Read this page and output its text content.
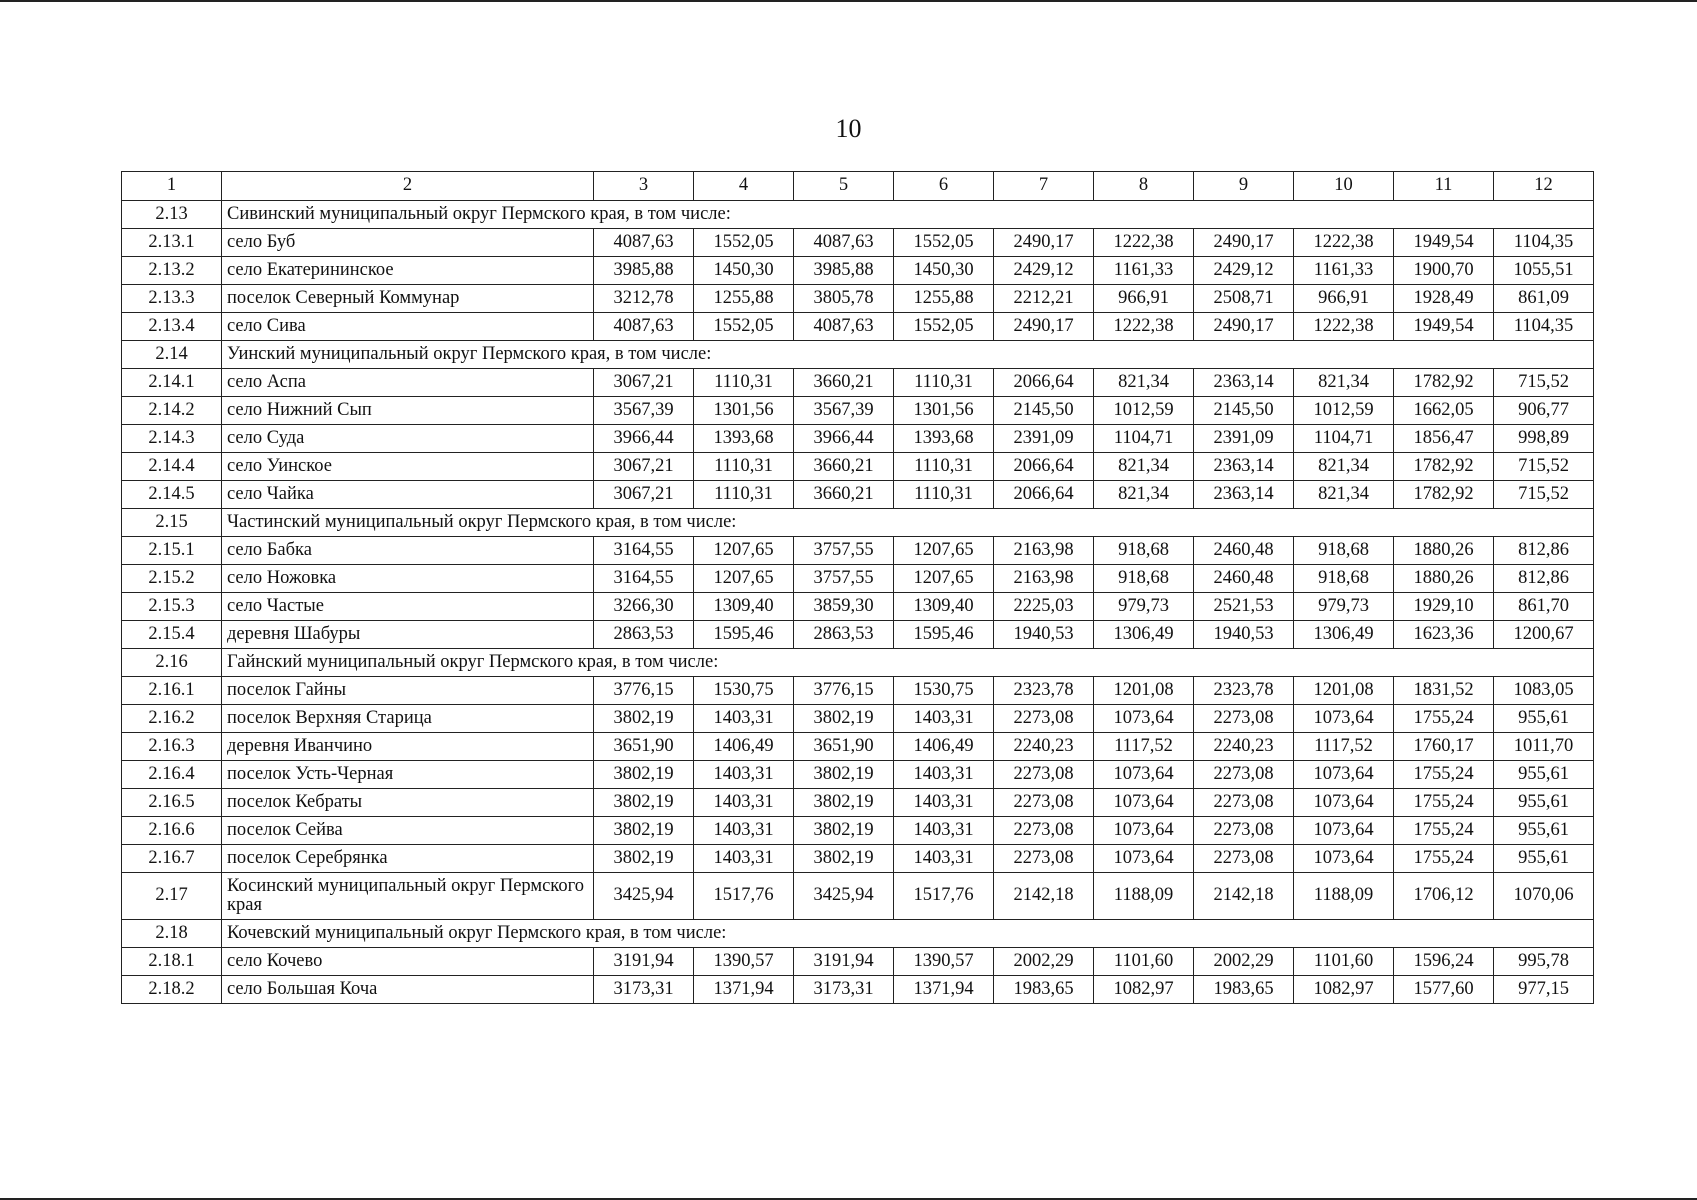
10
1	2	3	4	5	6	7	8	9	10	11	12
2.13	Сивинский муниципальный округ Пермского края, в том числе:										
2.13.1	село Буб	4087,63	1552,05	4087,63	1552,05	2490,17	1222,38	2490,17	1222,38	1949,54	1104,35
2.13.2	село Екатерининское	3985,88	1450,30	3985,88	1450,30	2429,12	1161,33	2429,12	1161,33	1900,70	1055,51
2.13.3	поселок Северный Коммунар	3212,78	1255,88	3805,78	1255,88	2212,21	966,91	2508,71	966,91	1928,49	861,09
2.13.4	село Сива	4087,63	1552,05	4087,63	1552,05	2490,17	1222,38	2490,17	1222,38	1949,54	1104,35
2.14	Уинский муниципальный округ Пермского края, в том числе:										
2.14.1	село Аспа	3067,21	1110,31	3660,21	1110,31	2066,64	821,34	2363,14	821,34	1782,92	715,52
2.14.2	село Нижний Сып	3567,39	1301,56	3567,39	1301,56	2145,50	1012,59	2145,50	1012,59	1662,05	906,77
2.14.3	село Суда	3966,44	1393,68	3966,44	1393,68	2391,09	1104,71	2391,09	1104,71	1856,47	998,89
2.14.4	село Уинское	3067,21	1110,31	3660,21	1110,31	2066,64	821,34	2363,14	821,34	1782,92	715,52
2.14.5	село Чайка	3067,21	1110,31	3660,21	1110,31	2066,64	821,34	2363,14	821,34	1782,92	715,52
2.15	Частинский муниципальный округ Пермского края, в том числе:										
2.15.1	село Бабка	3164,55	1207,65	3757,55	1207,65	2163,98	918,68	2460,48	918,68	1880,26	812,86
2.15.2	село Ножовка	3164,55	1207,65	3757,55	1207,65	2163,98	918,68	2460,48	918,68	1880,26	812,86
2.15.3	село Частые	3266,30	1309,40	3859,30	1309,40	2225,03	979,73	2521,53	979,73	1929,10	861,70
2.15.4	деревня Шабуры	2863,53	1595,46	2863,53	1595,46	1940,53	1306,49	1940,53	1306,49	1623,36	1200,67
2.16	Гайнский муниципальный округ Пермского края, в том числе:										
2.16.1	поселок Гайны	3776,15	1530,75	3776,15	1530,75	2323,78	1201,08	2323,78	1201,08	1831,52	1083,05
2.16.2	поселок Верхняя Старица	3802,19	1403,31	3802,19	1403,31	2273,08	1073,64	2273,08	1073,64	1755,24	955,61
2.16.3	деревня Иванчино	3651,90	1406,49	3651,90	1406,49	2240,23	1117,52	2240,23	1117,52	1760,17	1011,70
2.16.4	поселок Усть-Черная	3802,19	1403,31	3802,19	1403,31	2273,08	1073,64	2273,08	1073,64	1755,24	955,61
2.16.5	поселок Кебраты	3802,19	1403,31	3802,19	1403,31	2273,08	1073,64	2273,08	1073,64	1755,24	955,61
2.16.6	поселок Сейва	3802,19	1403,31	3802,19	1403,31	2273,08	1073,64	2273,08	1073,64	1755,24	955,61
2.16.7	поселок Серебрянка	3802,19	1403,31	3802,19	1403,31	2273,08	1073,64	2273,08	1073,64	1755,24	955,61
2.17	Косинский муниципальный округ Пермского края	3425,94	1517,76	3425,94	1517,76	2142,18	1188,09	2142,18	1188,09	1706,12	1070,06
2.18	Кочевский муниципальный округ Пермского края, в том числе:										
2.18.1	село Кочево	3191,94	1390,57	3191,94	1390,57	2002,29	1101,60	2002,29	1101,60	1596,24	995,78
2.18.2	село Большая Коча	3173,31	1371,94	3173,31	1371,94	1983,65	1082,97	1983,65	1082,97	1577,60	977,15
